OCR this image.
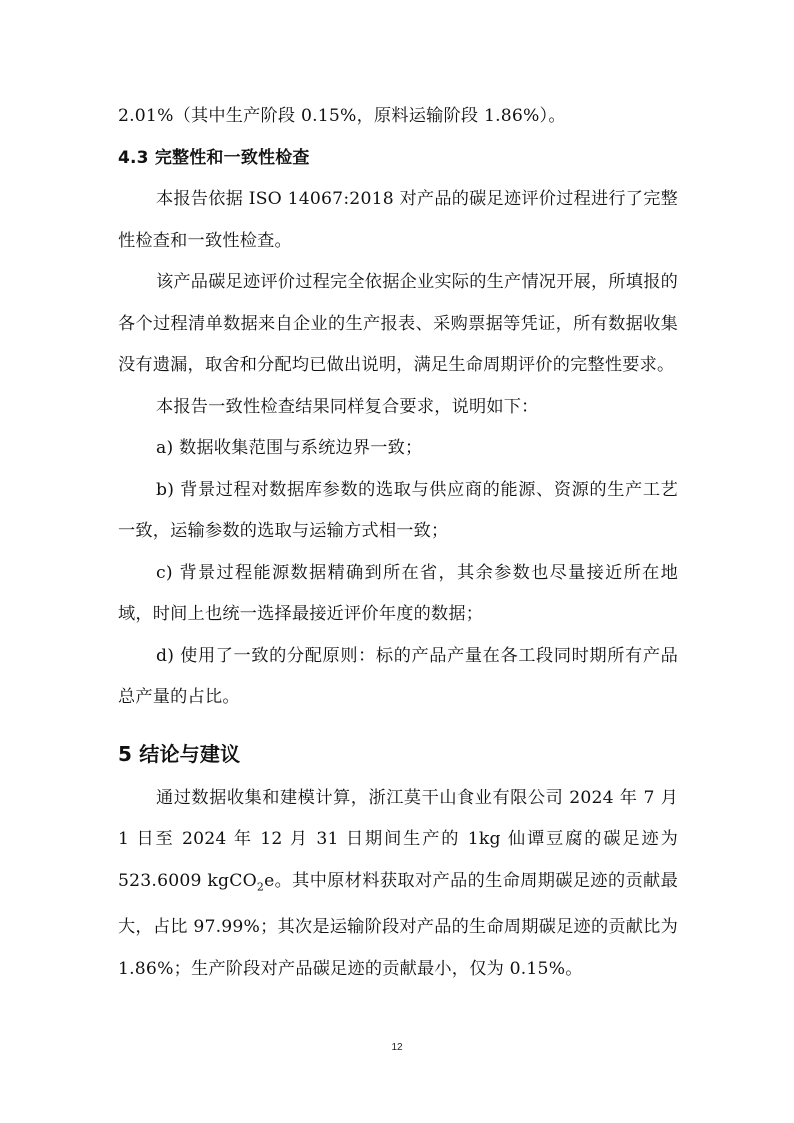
2.01%（其中生产阶段 0.15%，原料运输阶段 1.86%）。

4.3 完整性和一致性检查

本报告依据 ISO 14067:2018 对产品的碳足迹评价过程进行了完整性检查和一致性检查。

该产品碳足迹评价过程完全依据企业实际的生产情况开展，所填报的各个过程清单数据来自企业的生产报表、采购票据等凭证，所有数据收集没有遗漏，取舍和分配均已做出说明，满足生命周期评价的完整性要求。

本报告一致性检查结果同样复合要求，说明如下：

a) 数据收集范围与系统边界一致；

b) 背景过程对数据库参数的选取与供应商的能源、资源的生产工艺一致，运输参数的选取与运输方式相一致；

c) 背景过程能源数据精确到所在省，其余参数也尽量接近所在地域，时间上也统一选择最接近评价年度的数据；

d) 使用了一致的分配原则：标的产品产量在各工段同时期所有产品总产量的占比。

5 结论与建议

通过数据收集和建模计算，浙江莫干山食业有限公司 2024 年 7 月 1 日至 2024 年 12 月 31 日期间生产的 1kg 仙谭豆腐的碳足迹为 523.6009 kgCO$_2$e。其中原材料获取对产品的生命周期碳足迹的贡献最大，占比 97.99%；其次是运输阶段对产品的生命周期碳足迹的贡献比为 1.86%；生产阶段对产品碳足迹的贡献最小，仅为 0.15%。

12
